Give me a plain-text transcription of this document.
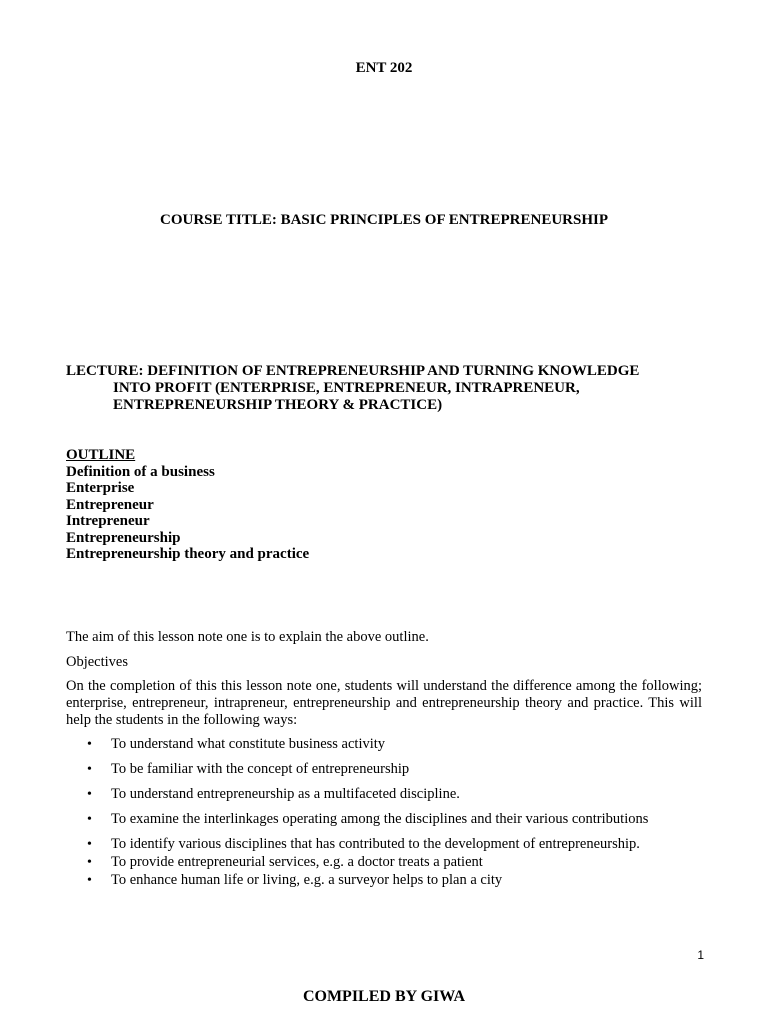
ENT 202
COURSE TITLE: BASIC PRINCIPLES OF ENTREPRENEURSHIP
LECTURE: DEFINITION OF ENTREPRENEURSHIP AND TURNING KNOWLEDGE
INTO PROFIT (ENTERPRISE, ENTREPRENEUR, INTRAPRENEUR,
ENTREPRENEURSHIP THEORY & PRACTICE)
OUTLINE
Definition of a business
Enterprise
Entrepreneur
Intrepreneur
Entrepreneurship
Entrepreneurship theory and practice

The aim of this lesson note one is to explain the above outline.

Objectives

On the completion of this this lesson note one, students will understand the difference among the following; enterprise, entrepreneur, intrapreneur, entrepreneurship and entrepreneurship theory and practice. This will help the students in the following ways:

• To understand what constitute business activity
• To be familiar with the concept of entrepreneurship
• To understand entrepreneurship as a multifaceted discipline.
• To examine the interlinkages operating among the disciplines and their various contributions
• To identify various disciplines that has contributed to the development of entrepreneurship.
• To provide entrepreneurial services, e.g. a doctor treats a patient
• To enhance human life or living, e.g. a surveyor helps to plan a city
1
COMPILED BY GIWA
